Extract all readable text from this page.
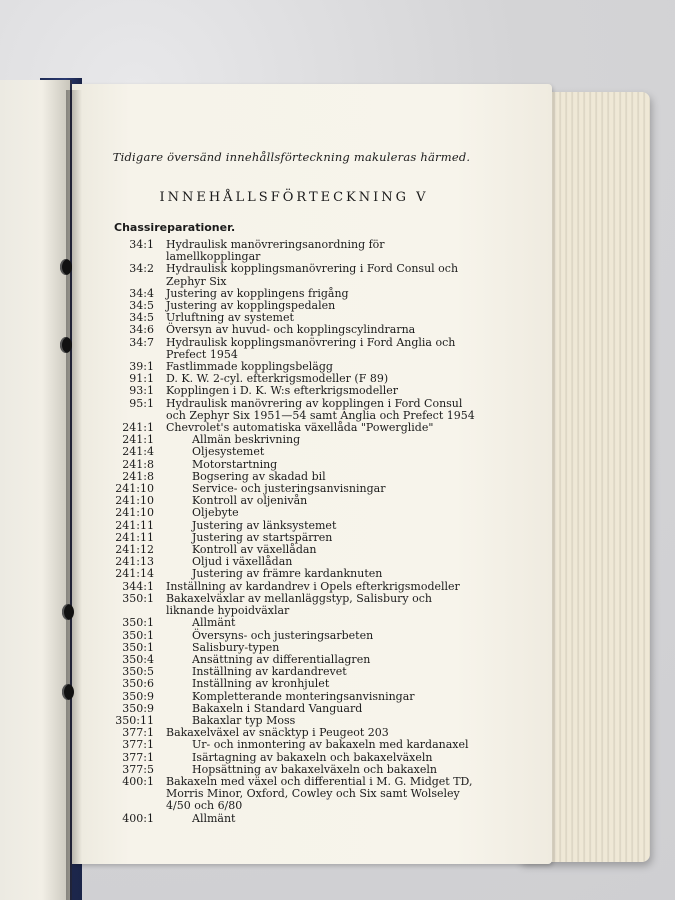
Tidigare översänd innehållsförteckning makuleras härmed.
INNEHÅLLSFÖRTECKNING V
Chassireparationer.
34:1	Hydraulisk manövreringsanordning för lamellkopplingar
34:2	Hydraulisk kopplingsmanövrering i Ford Consul och Zephyr Six
34:4	Justering av kopplingens frigång
34:5	Justering av kopplingspedalen
34:5	Urluftning av systemet
34:6	Översyn av huvud- och kopplingscylindrarna
34:7	Hydraulisk kopplingsmanövrering i Ford Anglia och Prefect 1954
39:1	Fastlimmade kopplingsbelägg
91:1	D. K. W. 2-cyl. efterkrigsmodeller (F 89)
93:1	Kopplingen i D. K. W:s efterkrigsmodeller
95:1	Hydraulisk manövrering av kopplingen i Ford Consul och Zephyr Six 1951—54 samt Anglia och Prefect 1954
241:1	Chevrolet's automatiska växellåda "Powerglide"
241:1	Allmän beskrivning
241:4	Oljesystemet
241:8	Motorstartning
241:8	Bogsering av skadad bil
241:10	Service- och justeringsanvisningar
241:10	Kontroll av oljenivån
241:10	Oljebyte
241:11	Justering av länksystemet
241:11	Justering av startspärren
241:12	Kontroll av växellådan
241:13	Oljud i växellådan
241:14	Justering av främre kardanknuten
344:1	Inställning av kardandrev i Opels efterkrigsmodeller
350:1	Bakaxelväxlar av mellanläggstyp, Salisbury och liknande hypoidväxlar
350:1	Allmänt
350:1	Översyns- och justeringsarbeten
350:1	Salisbury-typen
350:4	Ansättning av differentiallagren
350:5	Inställning av kardandrevet
350:6	Inställning av kronhjulet
350:9	Kompletterande monteringsanvisningar
350:9	Bakaxeln i Standard Vanguard
350:11	Bakaxlar typ Moss
377:1	Bakaxelväxel av snäcktyp i Peugeot 203
377:1	Ur- och inmontering av bakaxeln med kardanaxel
377:1	Isärtagning av bakaxeln och bakaxelväxeln
377:5	Hopsättning av bakaxelväxeln och bakaxeln
400:1	Bakaxeln med växel och differential i M. G. Midget TD, Morris Minor, Oxford, Cowley och Six samt Wolseley 4/50 och 6/80
400:1	Allmänt
